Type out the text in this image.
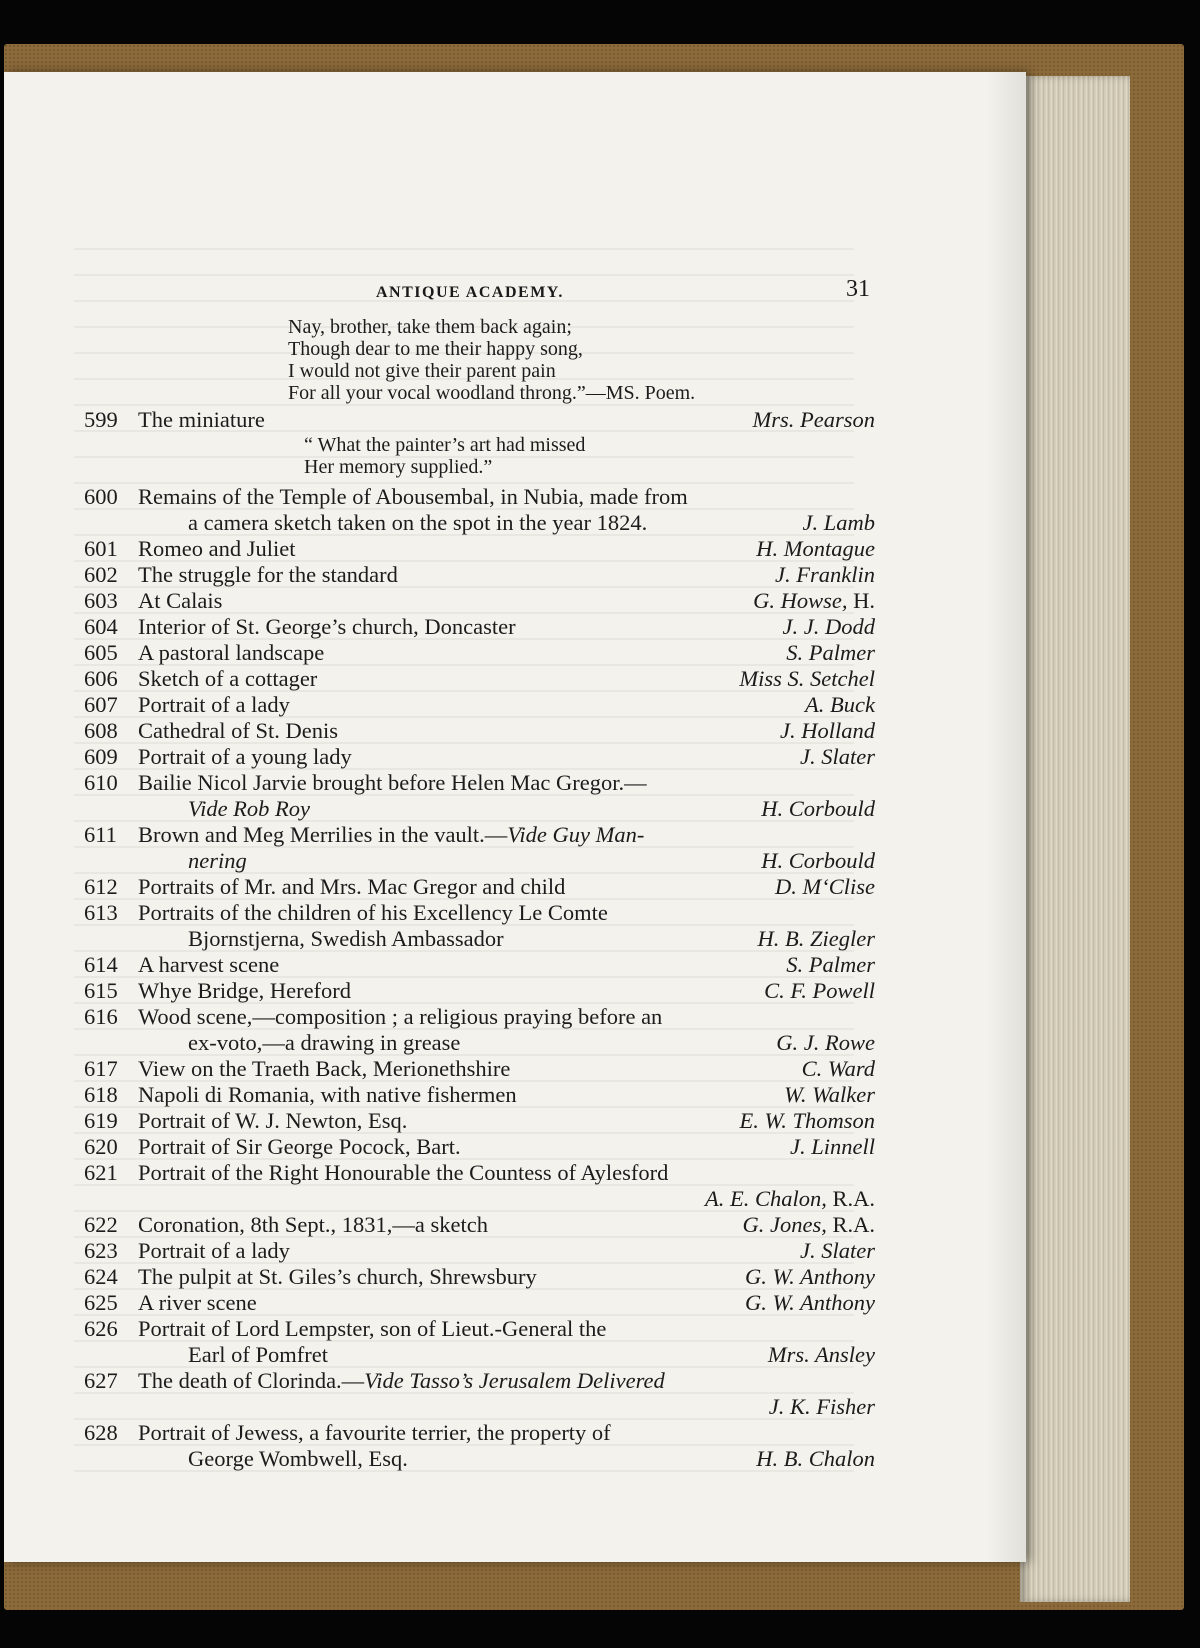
ANTIQUE ACADEMY.	31
Nay, brother, take them back again;
Though dear to me their happy song,
I would not give their parent pain
For all your vocal woodland throng.”—MS. Poem.
599 The miniature	Mrs. Pearson
“ What the painter’s art had missed
Her memory supplied.”
600 Remains of the Temple of Abousembal, in Nubia, made from
a camera sketch taken on the spot in the year 1824.	J. Lamb
601 Romeo and Juliet	H. Montague
602 The struggle for the standard	J. Franklin
603 At Calais	G. Howse, H.
604 Interior of St. George’s church, Doncaster	J. J. Dodd
605 A pastoral landscape	S. Palmer
606 Sketch of a cottager	Miss S. Setchel
607 Portrait of a lady	A. Buck
608 Cathedral of St. Denis	J. Holland
609 Portrait of a young lady	J. Slater
610 Bailie Nicol Jarvie brought before Helen Mac Gregor.—
Vide Rob Roy	H. Corbould
611 Brown and Meg Merrilies in the vault.—Vide Guy Man-
nering	H. Corbould
612 Portraits of Mr. and Mrs. Mac Gregor and child	D. M‘Clise
613 Portraits of the children of his Excellency Le Comte
Bjornstjerna, Swedish Ambassador	H. B. Ziegler
614 A harvest scene	S. Palmer
615 Whye Bridge, Hereford	C. F. Powell
616 Wood scene,—composition ; a religious praying before an
ex-voto,—a drawing in grease	G. J. Rowe
617 View on the Traeth Back, Merionethshire	C. Ward
618 Napoli di Romania, with native fishermen	W. Walker
619 Portrait of W. J. Newton, Esq.	E. W. Thomson
620 Portrait of Sir George Pocock, Bart.	J. Linnell
621 Portrait of the Right Honourable the Countess of Aylesford
A. E. Chalon, R.A.
622 Coronation, 8th Sept., 1831,—a sketch	G. Jones, R.A.
623 Portrait of a lady	J. Slater
624 The pulpit at St. Giles’s church, Shrewsbury	G. W. Anthony
625 A river scene	G. W. Anthony
626 Portrait of Lord Lempster, son of Lieut.-General the
Earl of Pomfret	Mrs. Ansley
627 The death of Clorinda.—Vide Tasso’s Jerusalem Delivered
J. K. Fisher
628 Portrait of Jewess, a favourite terrier, the property of
George Wombwell, Esq.	H. B. Chalon
